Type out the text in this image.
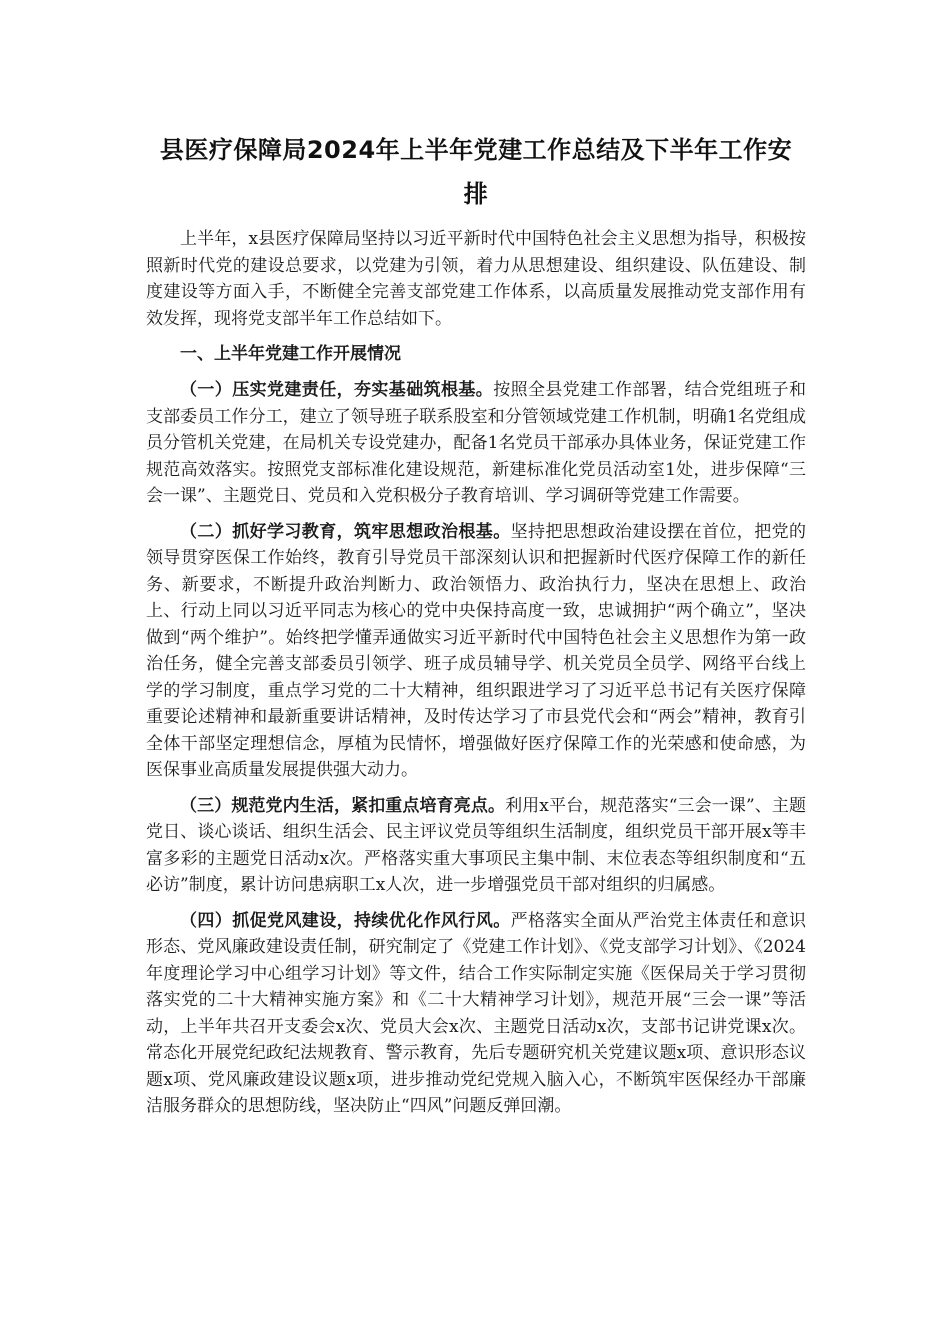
县医疗保障局2024年上半年党建工作总结及下半年工作安
排

上半年，x县医疗保障局坚持以习近平新时代中国特色社会主义思想为指导，积极按照新时代党的建设总要求，以党建为引领，着力从思想建设、组织建设、队伍建设、制度建设等方面入手，不断健全完善支部党建工作体系，以高质量发展推动党支部作用有效发挥，现将党支部半年工作总结如下。

一、上半年党建工作开展情况

（一）压实党建责任，夯实基础筑根基。按照全县党建工作部署，结合党组班子和支部委员工作分工，建立了领导班子联系股室和分管领域党建工作机制，明确1名党组成员分管机关党建，在局机关专设党建办，配备1名党员干部承办具体业务，保证党建工作规范高效落实。按照党支部标准化建设规范，新建标准化党员活动室1处，进步保障“三会一课”、主题党日、党员和入党积极分子教育培训、学习调研等党建工作需要。

（二）抓好学习教育，筑牢思想政治根基。坚持把思想政治建设摆在首位，把党的领导贯穿医保工作始终，教育引导党员干部深刻认识和把握新时代医疗保障工作的新任务、新要求，不断提升政治判断力、政治领悟力、政治执行力，坚决在思想上、政治上、行动上同以习近平同志为核心的党中央保持高度一致，忠诚拥护“两个确立”，坚决做到“两个维护”。始终把学懂弄通做实习近平新时代中国特色社会主义思想作为第一政治任务，健全完善支部委员引领学、班子成员辅导学、机关党员全员学、网络平台线上学的学习制度，重点学习党的二十大精神，组织跟进学习了习近平总书记有关医疗保障重要论述精神和最新重要讲话精神，及时传达学习了市县党代会和“两会”精神，教育引全体干部坚定理想信念，厚植为民情怀，增强做好医疗保障工作的光荣感和使命感，为医保事业高质量发展提供强大动力。

（三）规范党内生活，紧扣重点培育亮点。利用x平台，规范落实“三会一课”、主题党日、谈心谈话、组织生活会、民主评议党员等组织生活制度，组织党员干部开展x等丰富多彩的主题党日活动x次。严格落实重大事项民主集中制、末位表态等组织制度和“五必访”制度，累计访问患病职工x人次，进一步增强党员干部对组织的归属感。

（四）抓促党风建设，持续优化作风行风。严格落实全面从严治党主体责任和意识形态、党风廉政建设责任制，研究制定了《党建工作计划》、《党支部学习计划》、《2024年度理论学习中心组学习计划》等文件，结合工作实际制定实施《医保局关于学习贯彻落实党的二十大精神实施方案》和《二十大精神学习计划》，规范开展“三会一课”等活动，上半年共召开支委会x次、党员大会x次、主题党日活动x次，支部书记讲党课x次。常态化开展党纪政纪法规教育、警示教育，先后专题研究机关党建议题x项、意识形态议题x项、党风廉政建设议题x项，进步推动党纪党规入脑入心，不断筑牢医保经办干部廉洁服务群众的思想防线，坚决防止“四风”问题反弹回潮。
